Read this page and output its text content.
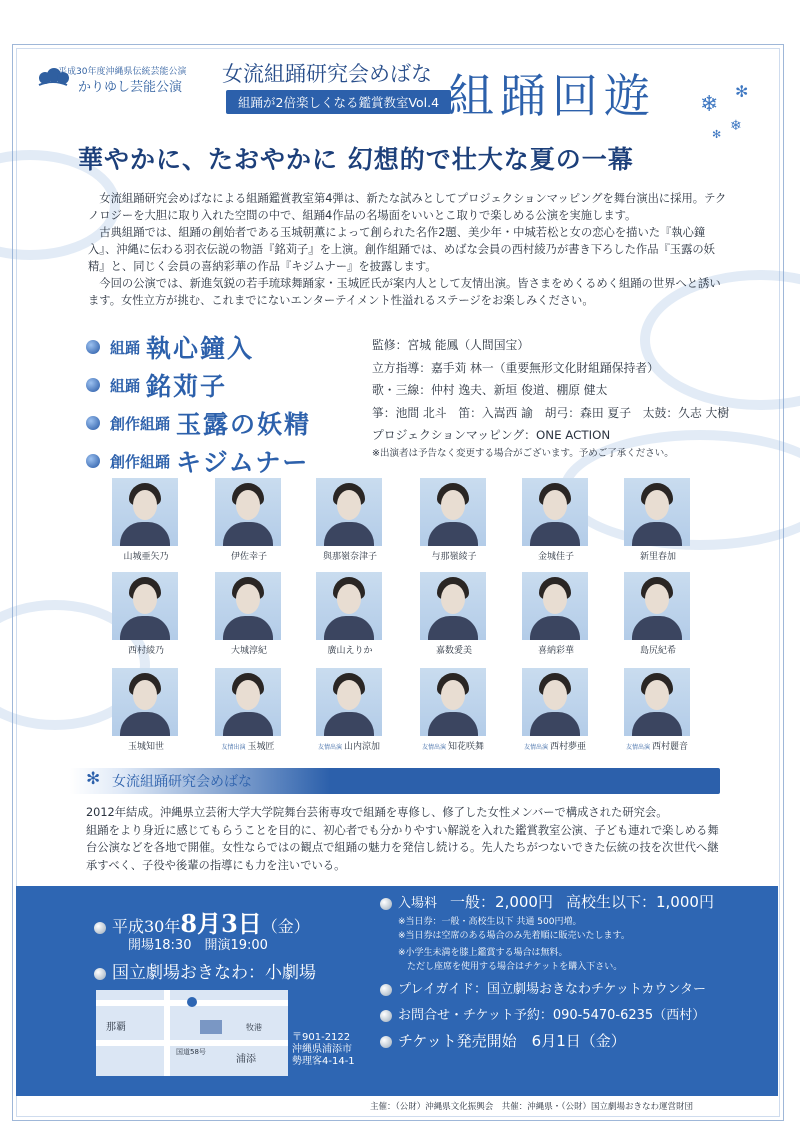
❄
✻
❄
✻
平成30年度沖縄県伝統芸能公演
かりゆし芸能公演
女流組踊研究会めばな
組踊が2倍楽しくなる鑑賞教室Vol.4 組踊回遊
華やかに、たおやかに 幻想的で壮大な夏の一幕

女流組踊研究会めばなによる組踊鑑賞教室第4弾は、新たな試みとしてプロジェクションマッピングを舞台演出に採用。テクノロジーを大胆に取り入れた空間の中で、組踊4作品の名場面をいいとこ取りで楽しめる公演を実施します。

古典組踊では、組踊の創始者である玉城朝薫によって創られた名作2題、美少年・中城若松と女の恋心を描いた『執心鐘入』、沖縄に伝わる羽衣伝説の物語『銘苅子』を上演。創作組踊では、めばな会員の西村綾乃が書き下ろした作品『玉露の妖精』と、同じく会員の喜納彩華の作品『キジムナー』を披露します。

今回の公演では、新進気鋭の若手琉球舞踊家・玉城匠氏が案内人として友情出演。皆さまをめくるめく組踊の世界へと誘います。女性立方が挑む、これまでにないエンターテイメント性溢れるステージをお楽しみください。

組踊 執心鐘入
組踊 銘苅子
創作組踊 玉露の妖精
創作組踊 キジムナー
監修：宮城 能鳳（人間国宝）
立方指導：嘉手苅 林一（重要無形文化財組踊保持者）
歌・三線：仲村 逸夫、新垣 俊道、棚原 健太
箏：池間 北斗　笛：入嵩西 諭　胡弓：森田 夏子　太鼓：久志 大樹
プロジェクションマッピング：ONE ACTION
※出演者は予告なく変更する場合がございます。予めご了承ください。
山城亜矢乃	伊佐幸子	與那嶺奈津子	与那嶺綾子	金城佳子	新里春加
西村綾乃	大城淳紀	廣山えりか	嘉数愛美	喜納彩華	島尻紀希
玉城知世	友情出演 玉城匠	友情出演 山内涼加	友情出演 知花咲舞	友情出演 西村夢亜	友情出演 西村麗音
✻ 女流組踊研究会めばな

2012年結成。沖縄県立芸術大学大学院舞台芸術専攻で組踊を専修し、修了した女性メンバーで構成された研究会。

組踊をより身近に感じてもらうことを目的に、初心者でも分かりやすい解説を入れた鑑賞教室公演、子ども連れで楽しめる舞台公演などを各地で開催。女性ならではの観点で組踊の魅力を発信し続ける。先人たちがつないできた伝統の技を次世代へ継承すべく、子役や後輩の指導にも力を注いでいる。

平成30年8月3日（金）
開場18:30　 開演19:00
国立劇場おきなわ：小劇場
那覇
浦添
牧港
国道58号
〒901-2122
沖縄県浦添市
勢理客4-14-1
入場料　 一般：2,000円　 高校生以下：1,000円
※当日券：一般・高校生以下 共通 500円増。
※当日券は空席のある場合のみ先着順に販売いたします。
※小学生未満を膝上鑑賞する場合は無料。
　ただし座席を使用する場合はチケットを購入下さい。
プレイガイド：国立劇場おきなわチケットカウンター
お問合せ・チケット予約：090-5470-6235（西村）
チケット発売開始　6月1日（金）
主催：（公財）沖縄県文化振興会　共催：沖縄県・（公財）国立劇場おきなわ運営財団
